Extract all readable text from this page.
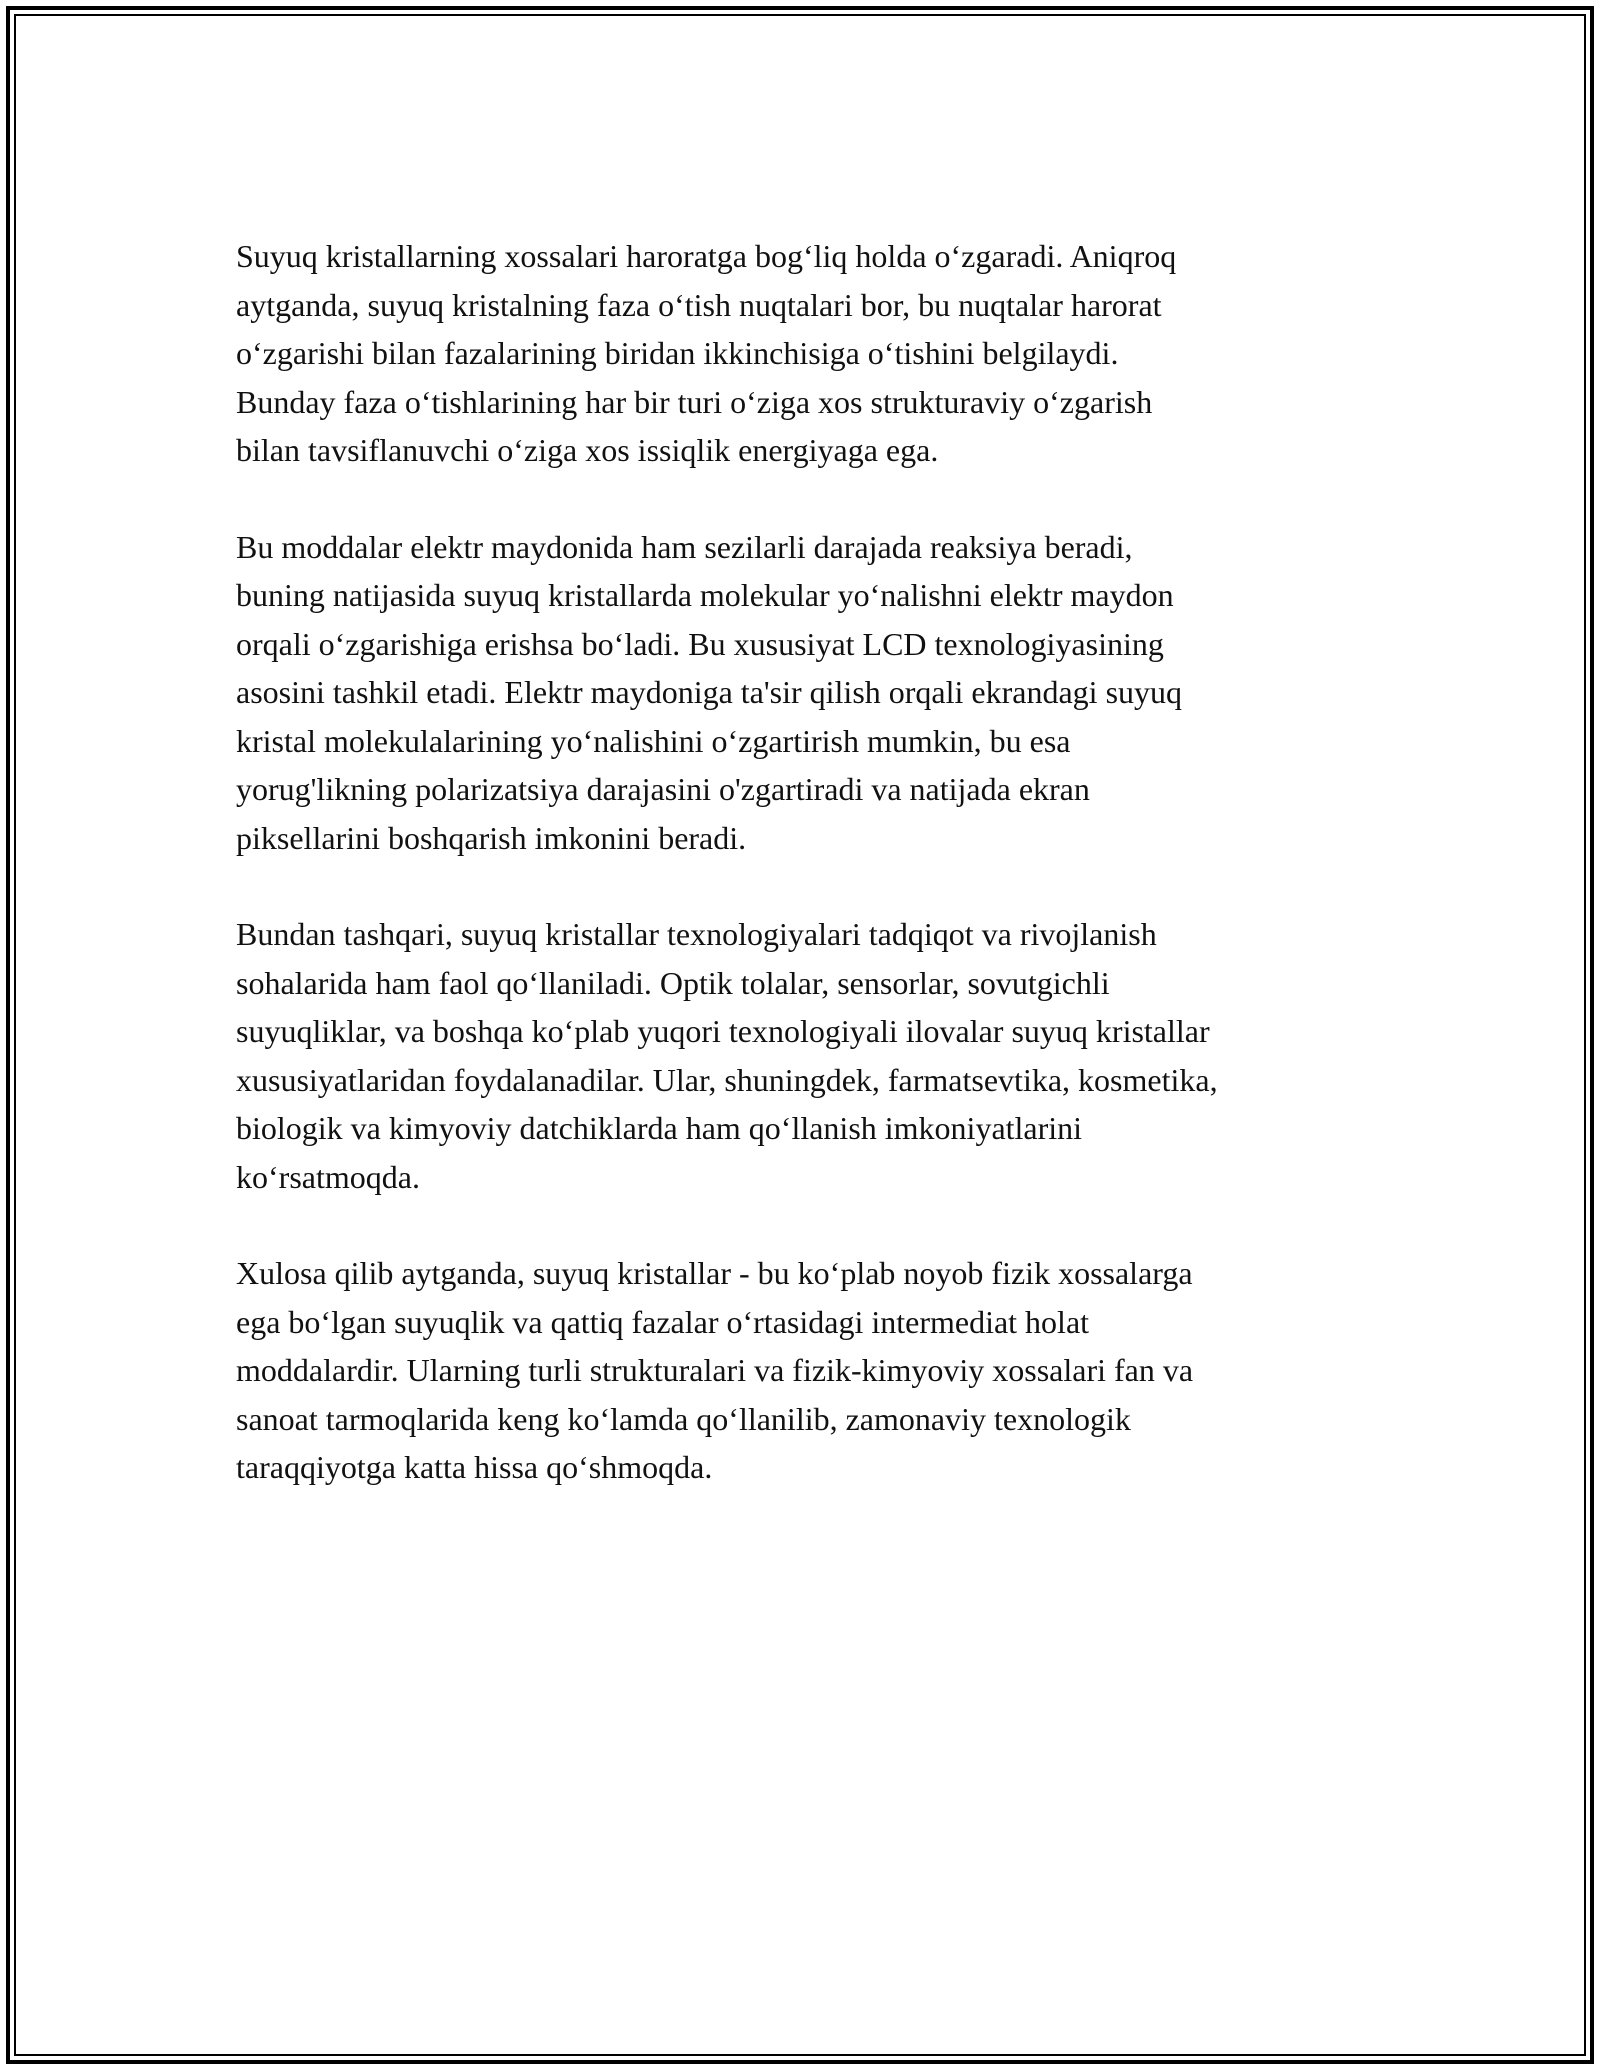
Suyuq kristallarning xossalari haroratga bogʻliq holda oʻzgaradi. Aniqroq
aytganda, suyuq kristalning faza oʻtish nuqtalari bor, bu nuqtalar harorat
oʻzgarishi bilan fazalarining biridan ikkinchisiga oʻtishini belgilaydi.
Bunday faza oʻtishlarining har bir turi oʻziga xos strukturaviy oʻzgarish
bilan tavsiflanuvchi oʻziga xos issiqlik energiyaga ega.

Bu moddalar elektr maydonida ham sezilarli darajada reaksiya beradi,
buning natijasida suyuq kristallarda molekular yoʻnalishni elektr maydon
orqali oʻzgarishiga erishsa boʻladi. Bu xususiyat LCD texnologiyasining
asosini tashkil etadi. Elektr maydoniga ta'sir qilish orqali ekrandagi suyuq
kristal molekulalarining yoʻnalishini oʻzgartirish mumkin, bu esa
yorug'likning polarizatsiya darajasini o'zgartiradi va natijada ekran
piksellarini boshqarish imkonini beradi.

Bundan tashqari, suyuq kristallar texnologiyalari tadqiqot va rivojlanish
sohalarida ham faol qoʻllaniladi. Optik tolalar, sensorlar, sovutgichli
suyuqliklar, va boshqa koʻplab yuqori texnologiyali ilovalar suyuq kristallar
xususiyatlaridan foydalanadilar. Ular, shuningdek, farmatsevtika, kosmetika,
biologik va kimyoviy datchiklarda ham qoʻllanish imkoniyatlarini
koʻrsatmoqda.

Xulosa qilib aytganda, suyuq kristallar - bu koʻplab noyob fizik xossalarga
ega boʻlgan suyuqlik va qattiq fazalar oʻrtasidagi intermediat holat
moddalardir. Ularning turli strukturalari va fizik-kimyoviy xossalari fan va
sanoat tarmoqlarida keng koʻlamda qoʻllanilib, zamonaviy texnologik
taraqqiyotga katta hissa qoʻshmoqda.
